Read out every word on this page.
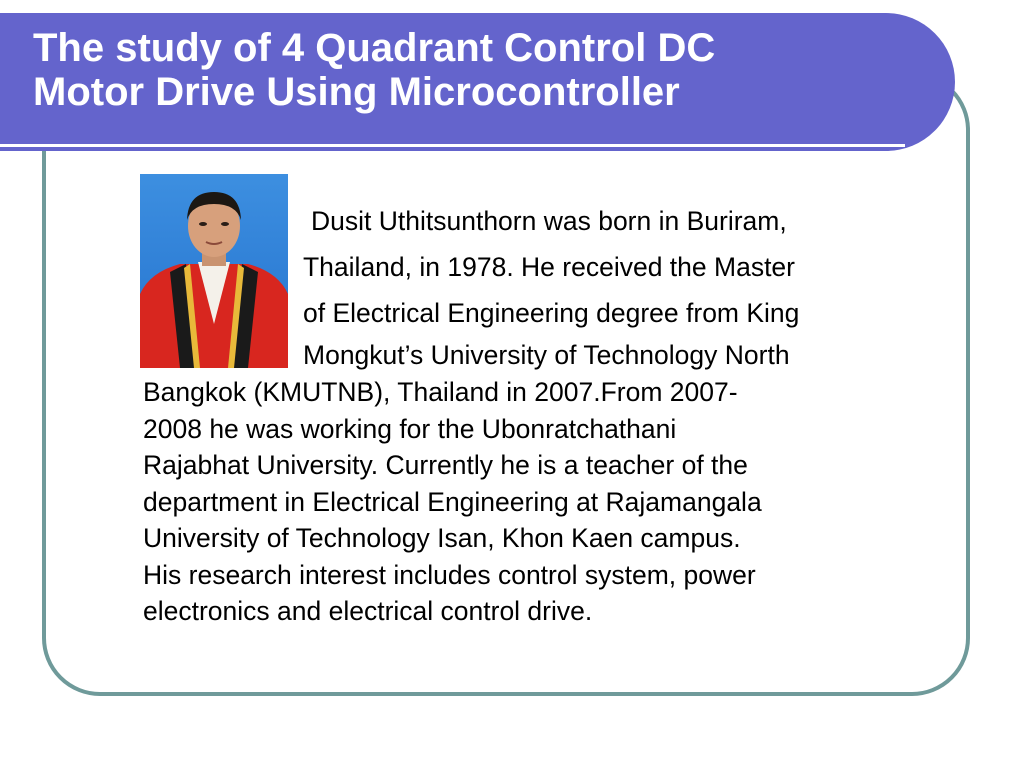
The study of 4 Quadrant Control DC
Motor Drive Using Microcontroller
Dusit Uthitsunthorn was born in Buriram,
Thailand, in 1978. He received the Master
of Electrical Engineering degree from King
Mongkut’s University of Technology North
Bangkok (KMUTNB), Thailand in 2007.From 2007-
2008 he was working for the Ubonratchathani
Rajabhat University. Currently he is a teacher of the
department in Electrical Engineering at Rajamangala
University of Technology Isan, Khon Kaen campus.
His research interest includes control system, power
electronics and electrical control drive.
